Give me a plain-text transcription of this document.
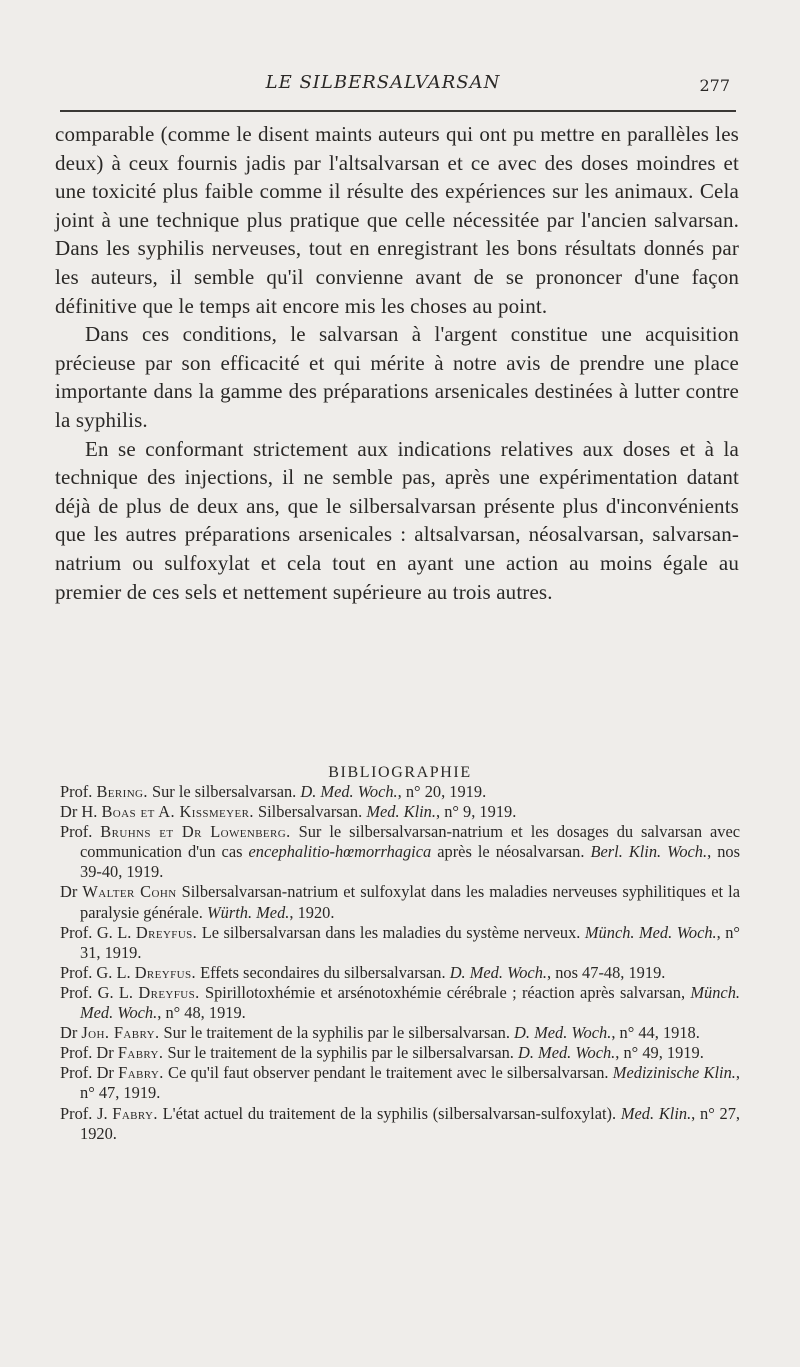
LE SILBERSALVARSAN	277

comparable (comme le disent maints auteurs qui ont pu mettre en parallèles les deux) à ceux fournis jadis par l'altsalvarsan et ce avec des doses moindres et une toxicité plus faible comme il résulte des expériences sur les animaux. Cela joint à une technique plus pratique que celle nécessitée par l'ancien salvarsan. Dans les syphilis nerveuses, tout en enregistrant les bons résultats donnés par les auteurs, il semble qu'il convienne avant de se prononcer d'une façon définitive que le temps ait encore mis les choses au point.

Dans ces conditions, le salvarsan à l'argent constitue une acquisition précieuse par son efficacité et qui mérite à notre avis de prendre une place importante dans la gamme des préparations arsenicales destinées à lutter contre la syphilis.

En se conformant strictement aux indications relatives aux doses et à la technique des injections, il ne semble pas, après une expérimentation datant déjà de plus de deux ans, que le silbersalvarsan présente plus d'inconvénients que les autres préparations arsenicales : altsalvarsan, néosalvarsan, salvarsan-natrium ou sulfoxylat et cela tout en ayant une action au moins égale au premier de ces sels et nettement supérieure au trois autres.

BIBLIOGRAPHIE
Prof. Bering. Sur le silbersalvarsan. D. Med. Woch., n° 20, 1919.
Dr H. Boas et A. Kissmeyer. Silbersalvarsan. Med. Klin., n° 9, 1919.
Prof. Bruhns et Dr Lowenberg. Sur le silbersalvarsan-natrium et les dosages du salvarsan avec communication d'un cas encephalitio-hœmorrhagica après le néosalvarsan. Berl. Klin. Woch., nos 39-40, 1919.
Dr Walter Cohn Silbersalvarsan-natrium et sulfoxylat dans les maladies nerveuses syphilitiques et la paralysie générale. Würth. Med., 1920.
Prof. G. L. Dreyfus. Le silbersalvarsan dans les maladies du système nerveux. Münch. Med. Woch., n° 31, 1919.
Prof. G. L. Dreyfus. Effets secondaires du silbersalvarsan. D. Med. Woch., nos 47-48, 1919.
Prof. G. L. Dreyfus. Spirillotoxhémie et arsénotoxhémie cérébrale ; réaction après salvarsan, Münch. Med. Woch., n° 48, 1919.
Dr Joh. Fabry. Sur le traitement de la syphilis par le silbersalvarsan. D. Med. Woch., n° 44, 1918.
Prof. Dr Fabry. Sur le traitement de la syphilis par le silbersalvarsan. D. Med. Woch., n° 49, 1919.
Prof. Dr Fabry. Ce qu'il faut observer pendant le traitement avec le silbersalvarsan. Medizinische Klin., n° 47, 1919.
Prof. J. Fabry. L'état actuel du traitement de la syphilis (silbersalvarsan-sulfoxylat). Med. Klin., n° 27, 1920.
